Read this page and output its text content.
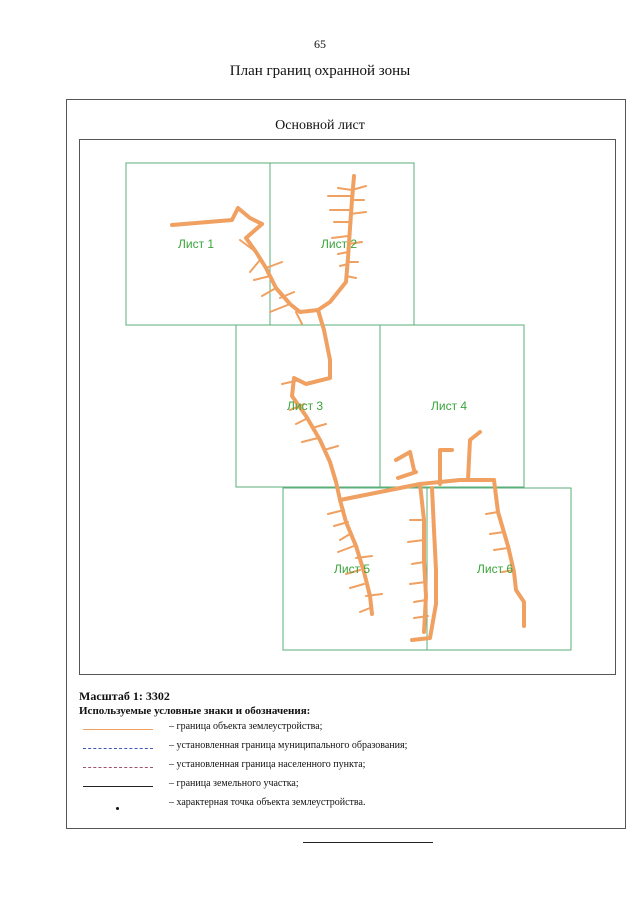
65
План границ охранной зоны
Основной лист
Лист 1	Лист 2
Лист 3	Лист 4
Лист 5	Лист 6

Масштаб 1: 3302

Используемые условные знаки и обозначения:

– граница объекта землеустройства;
– установленная граница муниципального образования;
– установленная граница населенного пункта;
– граница земельного участка;
– характерная точка объекта землеустройства.
